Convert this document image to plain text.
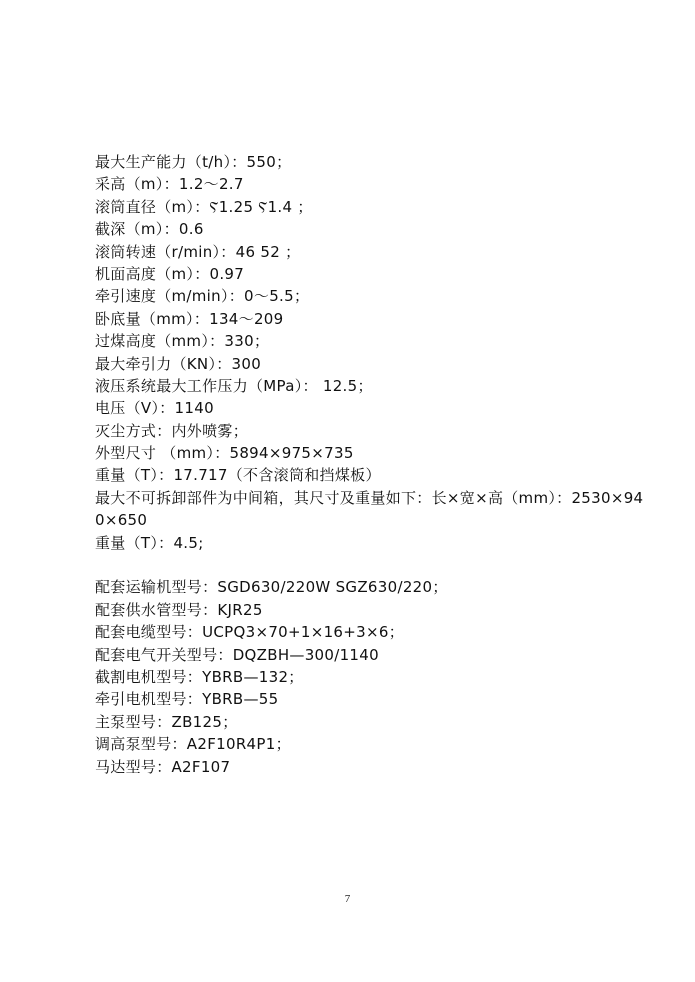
最大生产能力（t/h）：550；
采高（m）：1.2～2.7
滚筒直径（m）：Ⲋ1.25 Ⲋ1.4 ；
截深（m）：0.6
滚筒转速（r/min）：46 52 ；
机面高度（m）：0.97
牵引速度（m/min）：0～5.5；
卧底量（mm）：134～209
过煤高度（mm）：330；
最大牵引力（KN）：300
液压系统最大工作压力（MPa）： 12.5；
电压（V）：1140
灭尘方式：内外喷雾；
外型尺寸 （mm）：5894×975×735
重量（T）：17.717（不含滚筒和挡煤板）
最大不可拆卸部件为中间箱，其尺寸及重量如下：长×宽×高（mm）：2530×940×650
重量（T）：4.5;
配套运输机型号：SGD630/220W SGZ630/220；
配套供水管型号：KJR25
配套电缆型号：UCPQ3×70+1×16+3×6；
配套电气开关型号：DQZBH—300/1140
截割电机型号：YBRB—132；
牵引电机型号：YBRB—55
主泵型号：ZB125；
调高泵型号：A2F10R4P1；
马达型号：A2F107
7
